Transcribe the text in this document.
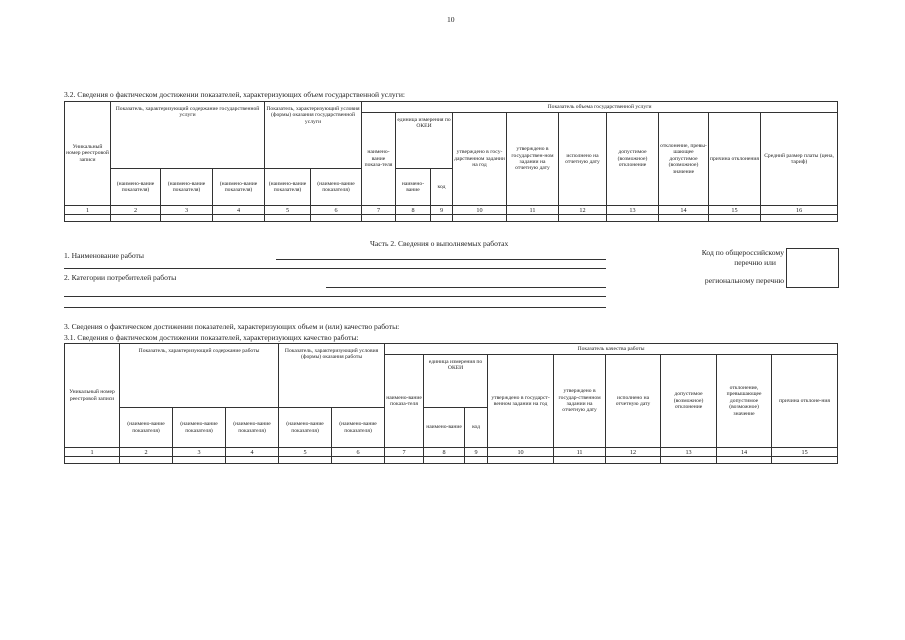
10
3.2. Сведения о фактическом достижении показателей, характеризующих объем государственной услуги:
Уникальный номер реестровой записи	Показатель, характеризующий содержание государственной услуги			Показатель, характеризующий условия (формы) оказания государственной услуги		Показатель объема государственной услуги									
						наимено-вание показа-теля	единица измерения по ОКЕИ		утверждено в госу-дарственном задании на год	утверждено в государствен-ном задании на отчетную дату	исполнено на отчетную дату	допустимое (возможное) отклонение	отклонение, превы-шающее допустимое (возможное) значение	причина отклонения	Средний размер платы (цена, тариф)
	(наимено-вание показателя)	(наимено-вание показателя)	(наимено-вание показателя)	(наимено-вание показателя)	(наимено-вание показателя)		наимено-вание	код							
1	2	3	4	5	6	7	8	9	10	11	12	13	14	15	16

Часть 2. Сведения о выполняемых работах
1. Наименование работы
2. Категории потребителей работы
Код по общероссийскому
перечню или
региональному перечню
3. Сведения о фактическом достижении показателей, характеризующих объем и (или) качество работы:
3.1. Сведения о фактическом достижении показателей, характеризующих качество работы:
Уникальный номер реестровой записи	Показатель, характеризующий содержание работы			Показатель, характеризующий условия (формы) оказания работы		Показатель качества работы								
						наимено-вание показа-теля	единица измерения по ОКЕИ		утверждено в государст-венном задании на год	утверждено в государ-ственном задании на отчетную дату	исполнено на отчетную дату	допустимое (возможное) отклонение	отклонение, превышающее допустимое (возможное) значение	причина отклоне-ния
	(наимено-вание показателя)	(наимено-вание показателя)	(наимено-вание показателя)	(наимено-вание показателя)	(наимено-вание показателя)		наимено-вание	код						
1	2	3	4	5	6	7	8	9	10	11	12	13	14	15
